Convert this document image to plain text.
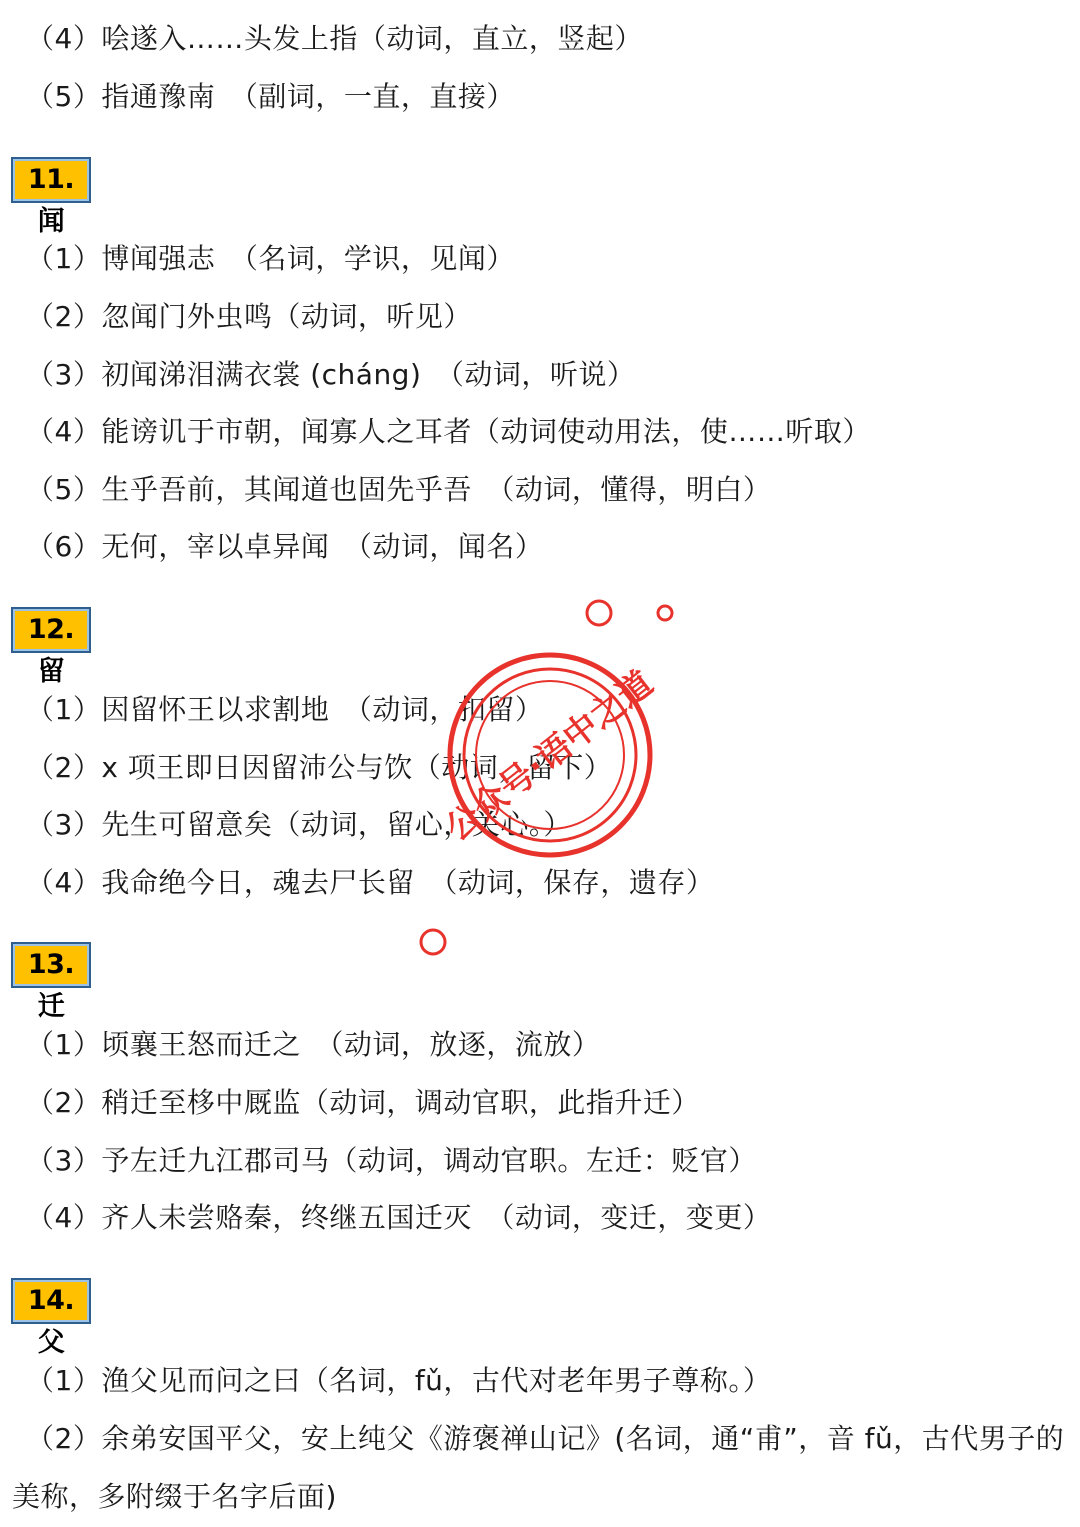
（4）哙遂入……头发上指（动词，直立，竖起）
（5）指通豫南　（副词，一直，直接）
11. 闻
（1）博闻强志　（名词，学识，见闻）
（2）忽闻门外虫鸣（动词，听见）
（3）初闻涕泪满衣裳 (cháng)　（动词，听说）
（4）能谤讥于市朝，闻寡人之耳者（动词使动用法，使……听取）
（5）生乎吾前，其闻道也固先乎吾　（动词，懂得，明白）
（6）无何，宰以卓异闻　（动词，闻名）
12. 留
（1）因留怀王以求割地　（动词，扣留）
（2）x 项王即日因留沛公与饮（动词，留下）
（3）先生可留意矣（动词，留心，关心。）
（4）我命绝今日，魂去尸长留　（动词，保存，遗存）
13. 迁
（1）顷襄王怒而迁之　（动词，放逐，流放）
（2）稍迁至栘中厩监（动词，调动官职，此指升迁）
（3）予左迁九江郡司马（动词，调动官职。左迁：贬官）
（4）齐人未尝赂秦，终继五国迁灭　（动词，变迁，变更）
14. 父
（1）渔父见而问之曰（名词，fǔ，古代对老年男子尊称。）
（2）余弟安国平父，安上纯父《游褒禅山记》(名词，通“甫”，音 fǔ，古代男子的美称，多附缀于名字后面)
公众号·语中之道
